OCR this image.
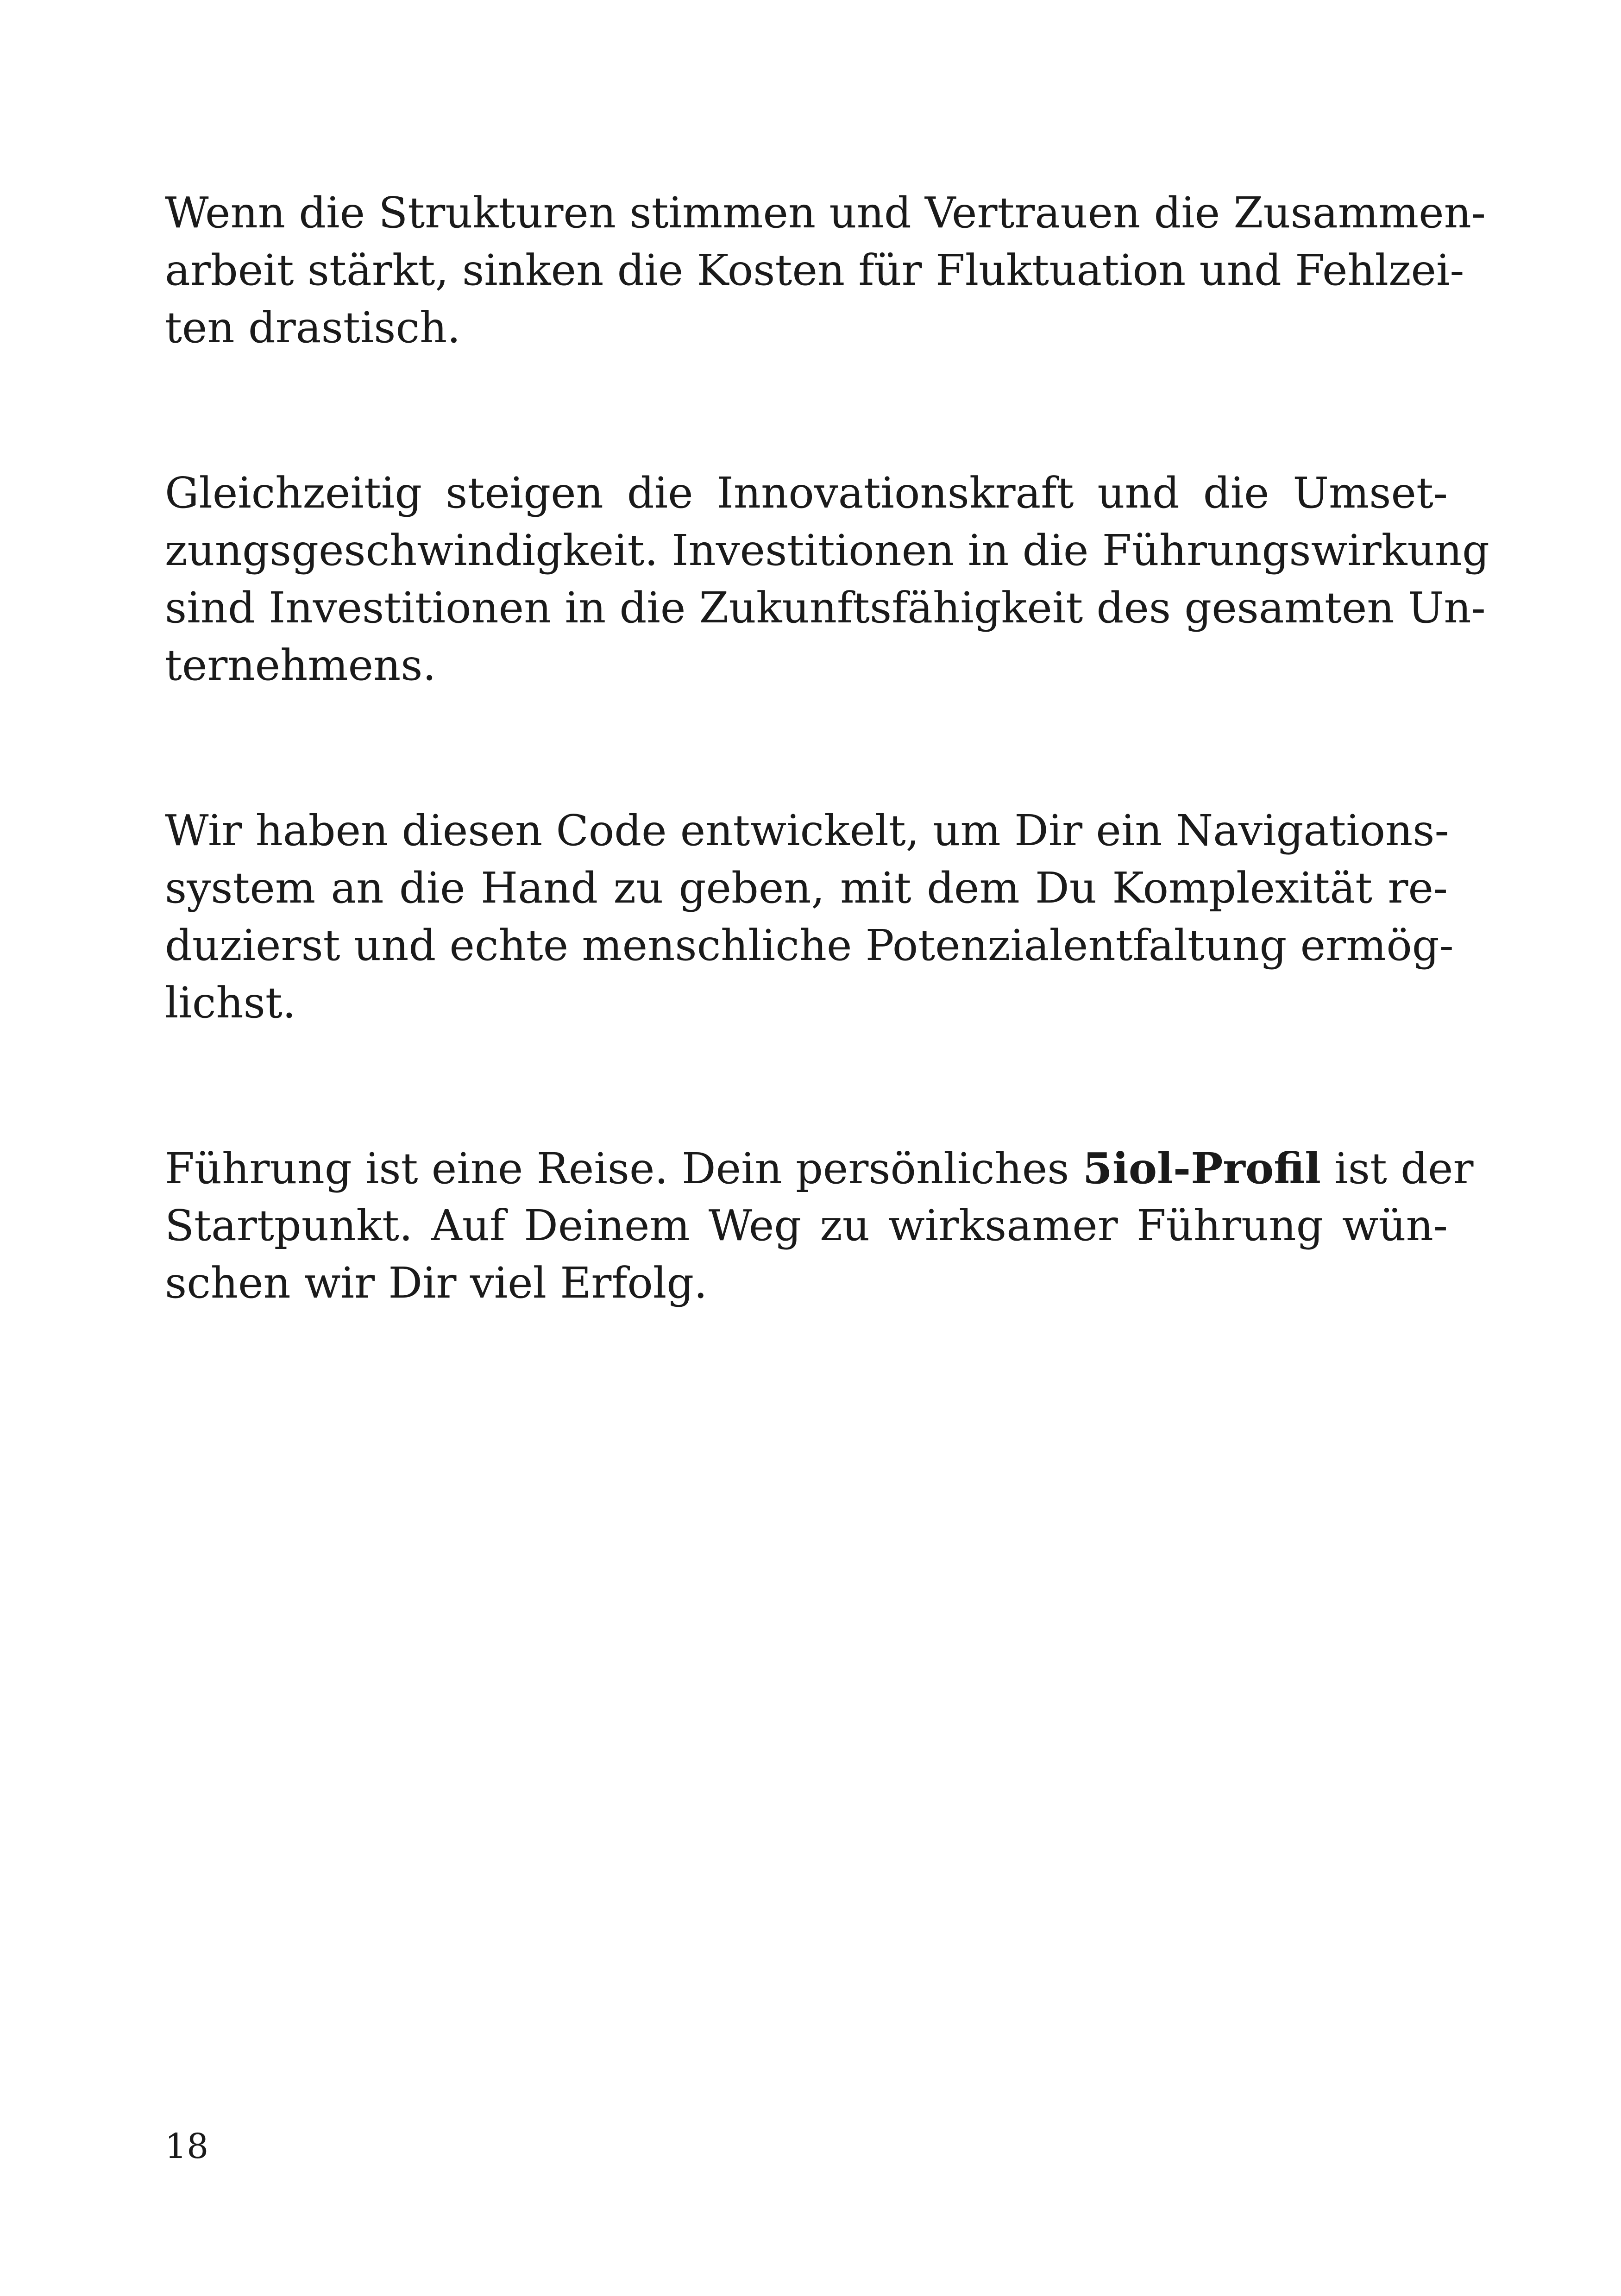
Wenn die Strukturen stimmen und Vertrauen die Zusammen-
arbeit stärkt, sinken die Kosten für Fluktuation und Fehlzei-
ten drastisch.
Gleichzeitig steigen die Innovationskraft und die Umset-
zungsgeschwindigkeit. Investitionen in die Führungswirkung
sind Investitionen in die Zukunftsfähigkeit des gesamten Un-
ternehmens.
Wir haben diesen Code entwickelt, um Dir ein Navigations-
system an die Hand zu geben, mit dem Du Komplexität re-
duzierst und echte menschliche Potenzialentfaltung ermög-
lichst.
Führung ist eine Reise. Dein persönliches 5iol-Profil ist der
Startpunkt. Auf Deinem Weg zu wirksamer Führung wün-
schen wir Dir viel Erfolg.
18
